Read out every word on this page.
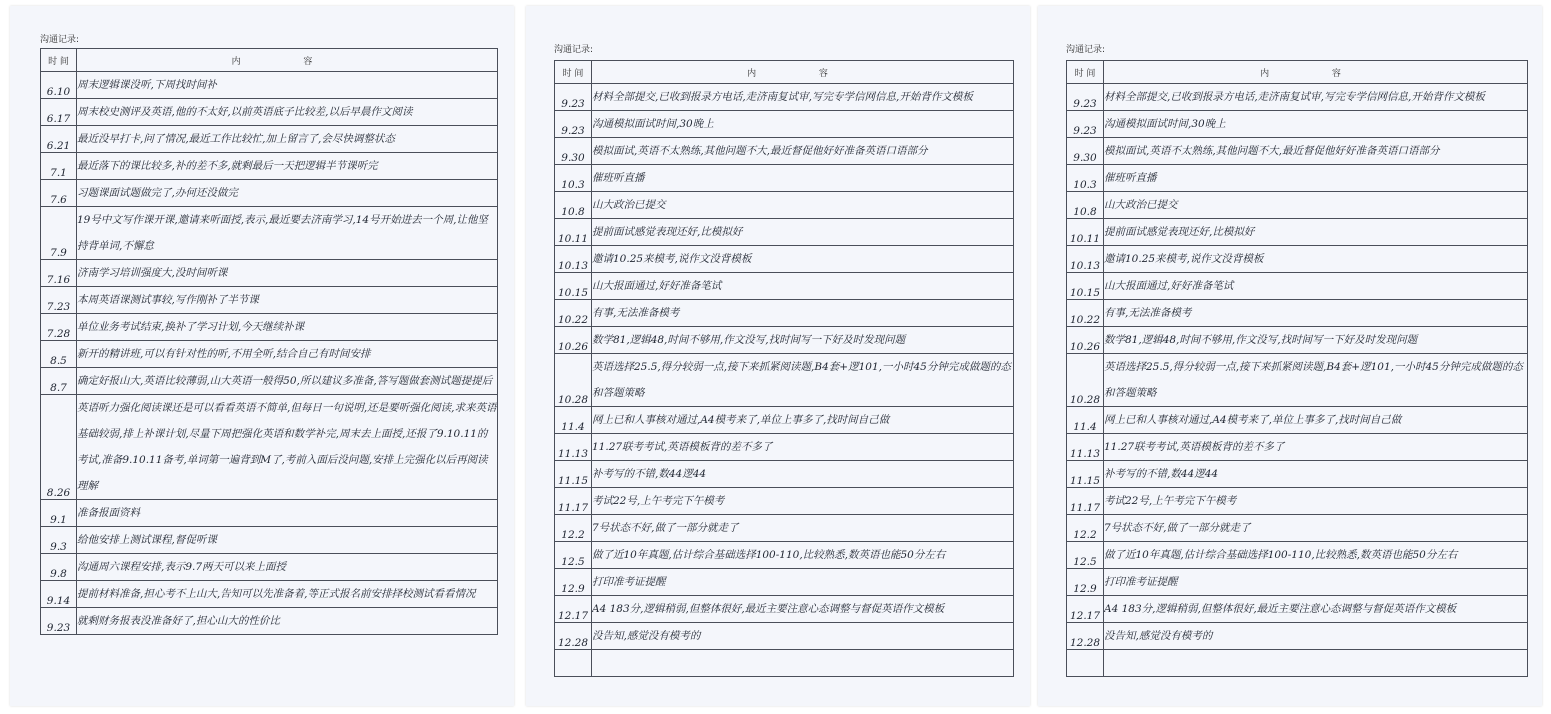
沟通记录:
时 间	内 容
6.10	周末逻辑课没听,下周找时间补
6.17	周末校史测评及英语,他的不太好,以前英语底子比较差,以后早晨作文阅读
6.21	最近没早打卡,问了情况,最近工作比较忙,加上留言了,会尽快调整状态
7.1	最近落下的课比较多,补的差不多,就剩最后一天把逻辑半节课听完
7.6	习题课面试题做完了,办何还没做完
7.9	19号中文写作课开课,邀请来听面授,表示,最近要去济南学习,14号开始进去一个周,让他坚持背单词,不懈怠
7.16	济南学习培训强度大,没时间听课
7.23	本周英语课测试事较,写作刚补了半节课
7.28	单位业务考试结束,换补了学习计划,今天继续补课
8.5	新开的精讲班,可以有针对性的听,不用全听,结合自己有时间安排
8.7	确定好报山大,英语比较薄弱,山大英语一般得50,所以建议多准备,答写题做套测试题提提后
8.26	英语听力强化阅读课还是可以看看英语不简单,但每日一句说明,还是要听强化阅读,求来英语基础较弱,排上补课计划,尽量下周把强化英语和数学补完,周末去上面授,还报了9.10.11的考试,准备9.10.11备考,单词第一遍背到M了,考前入面后没问题,安排上完强化以后再阅读理解
9.1	准备报面资料
9.3	给他安排上测试课程,督促听课
9.8	沟通周六课程安排,表示9.7两天可以来上面授
9.14	提前材料准备,担心考不上山大,告知可以先准备着,等正式报名前安排择校测试看看情况
9.23	就剩财务报表没准备好了,担心山大的性价比
沟通记录:
时 间	内 容
9.23	材料全部提交,已收到报录方电话,走济南复试审,写完专学信网信息,开始背作文模板
9.23	沟通模拟面试时间,30晚上
9.30	模拟面试,英语不太熟练,其他问题不大,最近督促他好好准备英语口语部分
10.3	催班听直播
10.8	山大政治已提交
10.11	提前面试感觉表现还好,比模拟好
10.13	邀请10.25来模考,说作文没背模板
10.15	山大报面通过,好好准备笔试
10.22	有事,无法准备模考
10.26	数学81,逻辑48,时间不够用,作文没写,找时间写一下好及时发现问题
10.28	英语选择25.5,得分较弱一点,接下来抓紧阅读题,B4套+逻101,一小时45分钟完成做题的态和答题策略
11.4	网上已和人事核对通过,A4模考来了,单位上事多了,找时间自己做
11.13	11.27联考考试,英语模板背的差不多了
11.15	补考写的不错,数44逻44
11.17	考试22号,上午考完下午模考
12.2	7号状态不好,做了一部分就走了
12.5	做了近10年真题,估计综合基础选择100-110,比较熟悉,数英语也能50分左右
12.9	打印准考证提醒
12.17	A4 183分,逻辑稍弱,但整体很好,最近主要注意心态调整与督促英语作文模板
12.28	没告知,感觉没有模考的

沟通记录:
时 间	内 容
9.23	材料全部提交,已收到报录方电话,走济南复试审,写完专学信网信息,开始背作文模板
9.23	沟通模拟面试时间,30晚上
9.30	模拟面试,英语不太熟练,其他问题不大,最近督促他好好准备英语口语部分
10.3	催班听直播
10.8	山大政治已提交
10.11	提前面试感觉表现还好,比模拟好
10.13	邀请10.25来模考,说作文没背模板
10.15	山大报面通过,好好准备笔试
10.22	有事,无法准备模考
10.26	数学81,逻辑48,时间不够用,作文没写,找时间写一下好及时发现问题
10.28	英语选择25.5,得分较弱一点,接下来抓紧阅读题,B4套+逻101,一小时45分钟完成做题的态和答题策略
11.4	网上已和人事核对通过,A4模考来了,单位上事多了,找时间自己做
11.13	11.27联考考试,英语模板背的差不多了
11.15	补考写的不错,数44逻44
11.17	考试22号,上午考完下午模考
12.2	7号状态不好,做了一部分就走了
12.5	做了近10年真题,估计综合基础选择100-110,比较熟悉,数英语也能50分左右
12.9	打印准考证提醒
12.17	A4 183分,逻辑稍弱,但整体很好,最近主要注意心态调整与督促英语作文模板
12.28	没告知,感觉没有模考的
